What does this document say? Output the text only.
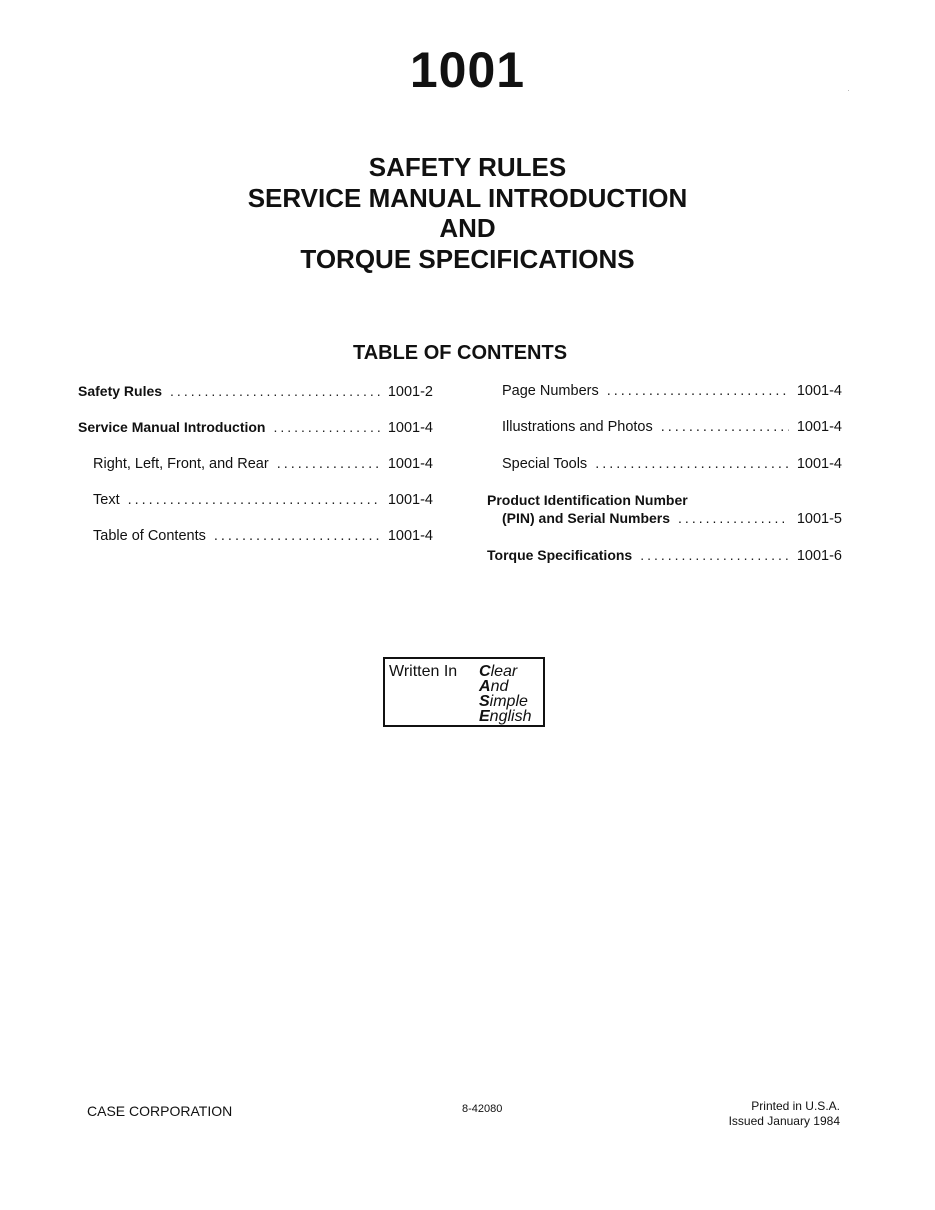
1001
SAFETY RULES
SERVICE MANUAL INTRODUCTION
AND
TORQUE SPECIFICATIONS
TABLE OF CONTENTS
Safety Rules .....	1001-2
Service Manual Introduction .....	1001-4
Right, Left, Front, and Rear .....	1001-4
Text .....	1001-4
Table of Contents .....	1001-4
Page Numbers .....	1001-4
Illustrations and Photos .....	1001-4
Special Tools .....	1001-4
Product Identification Number
(PIN) and Serial Numbers .....	1001-5
Torque Specifications .....	1001-6
Written In Clear
And
Simple
English
CASE CORPORATION	8-42080	Printed in U.S.A.
Issued January 1984
